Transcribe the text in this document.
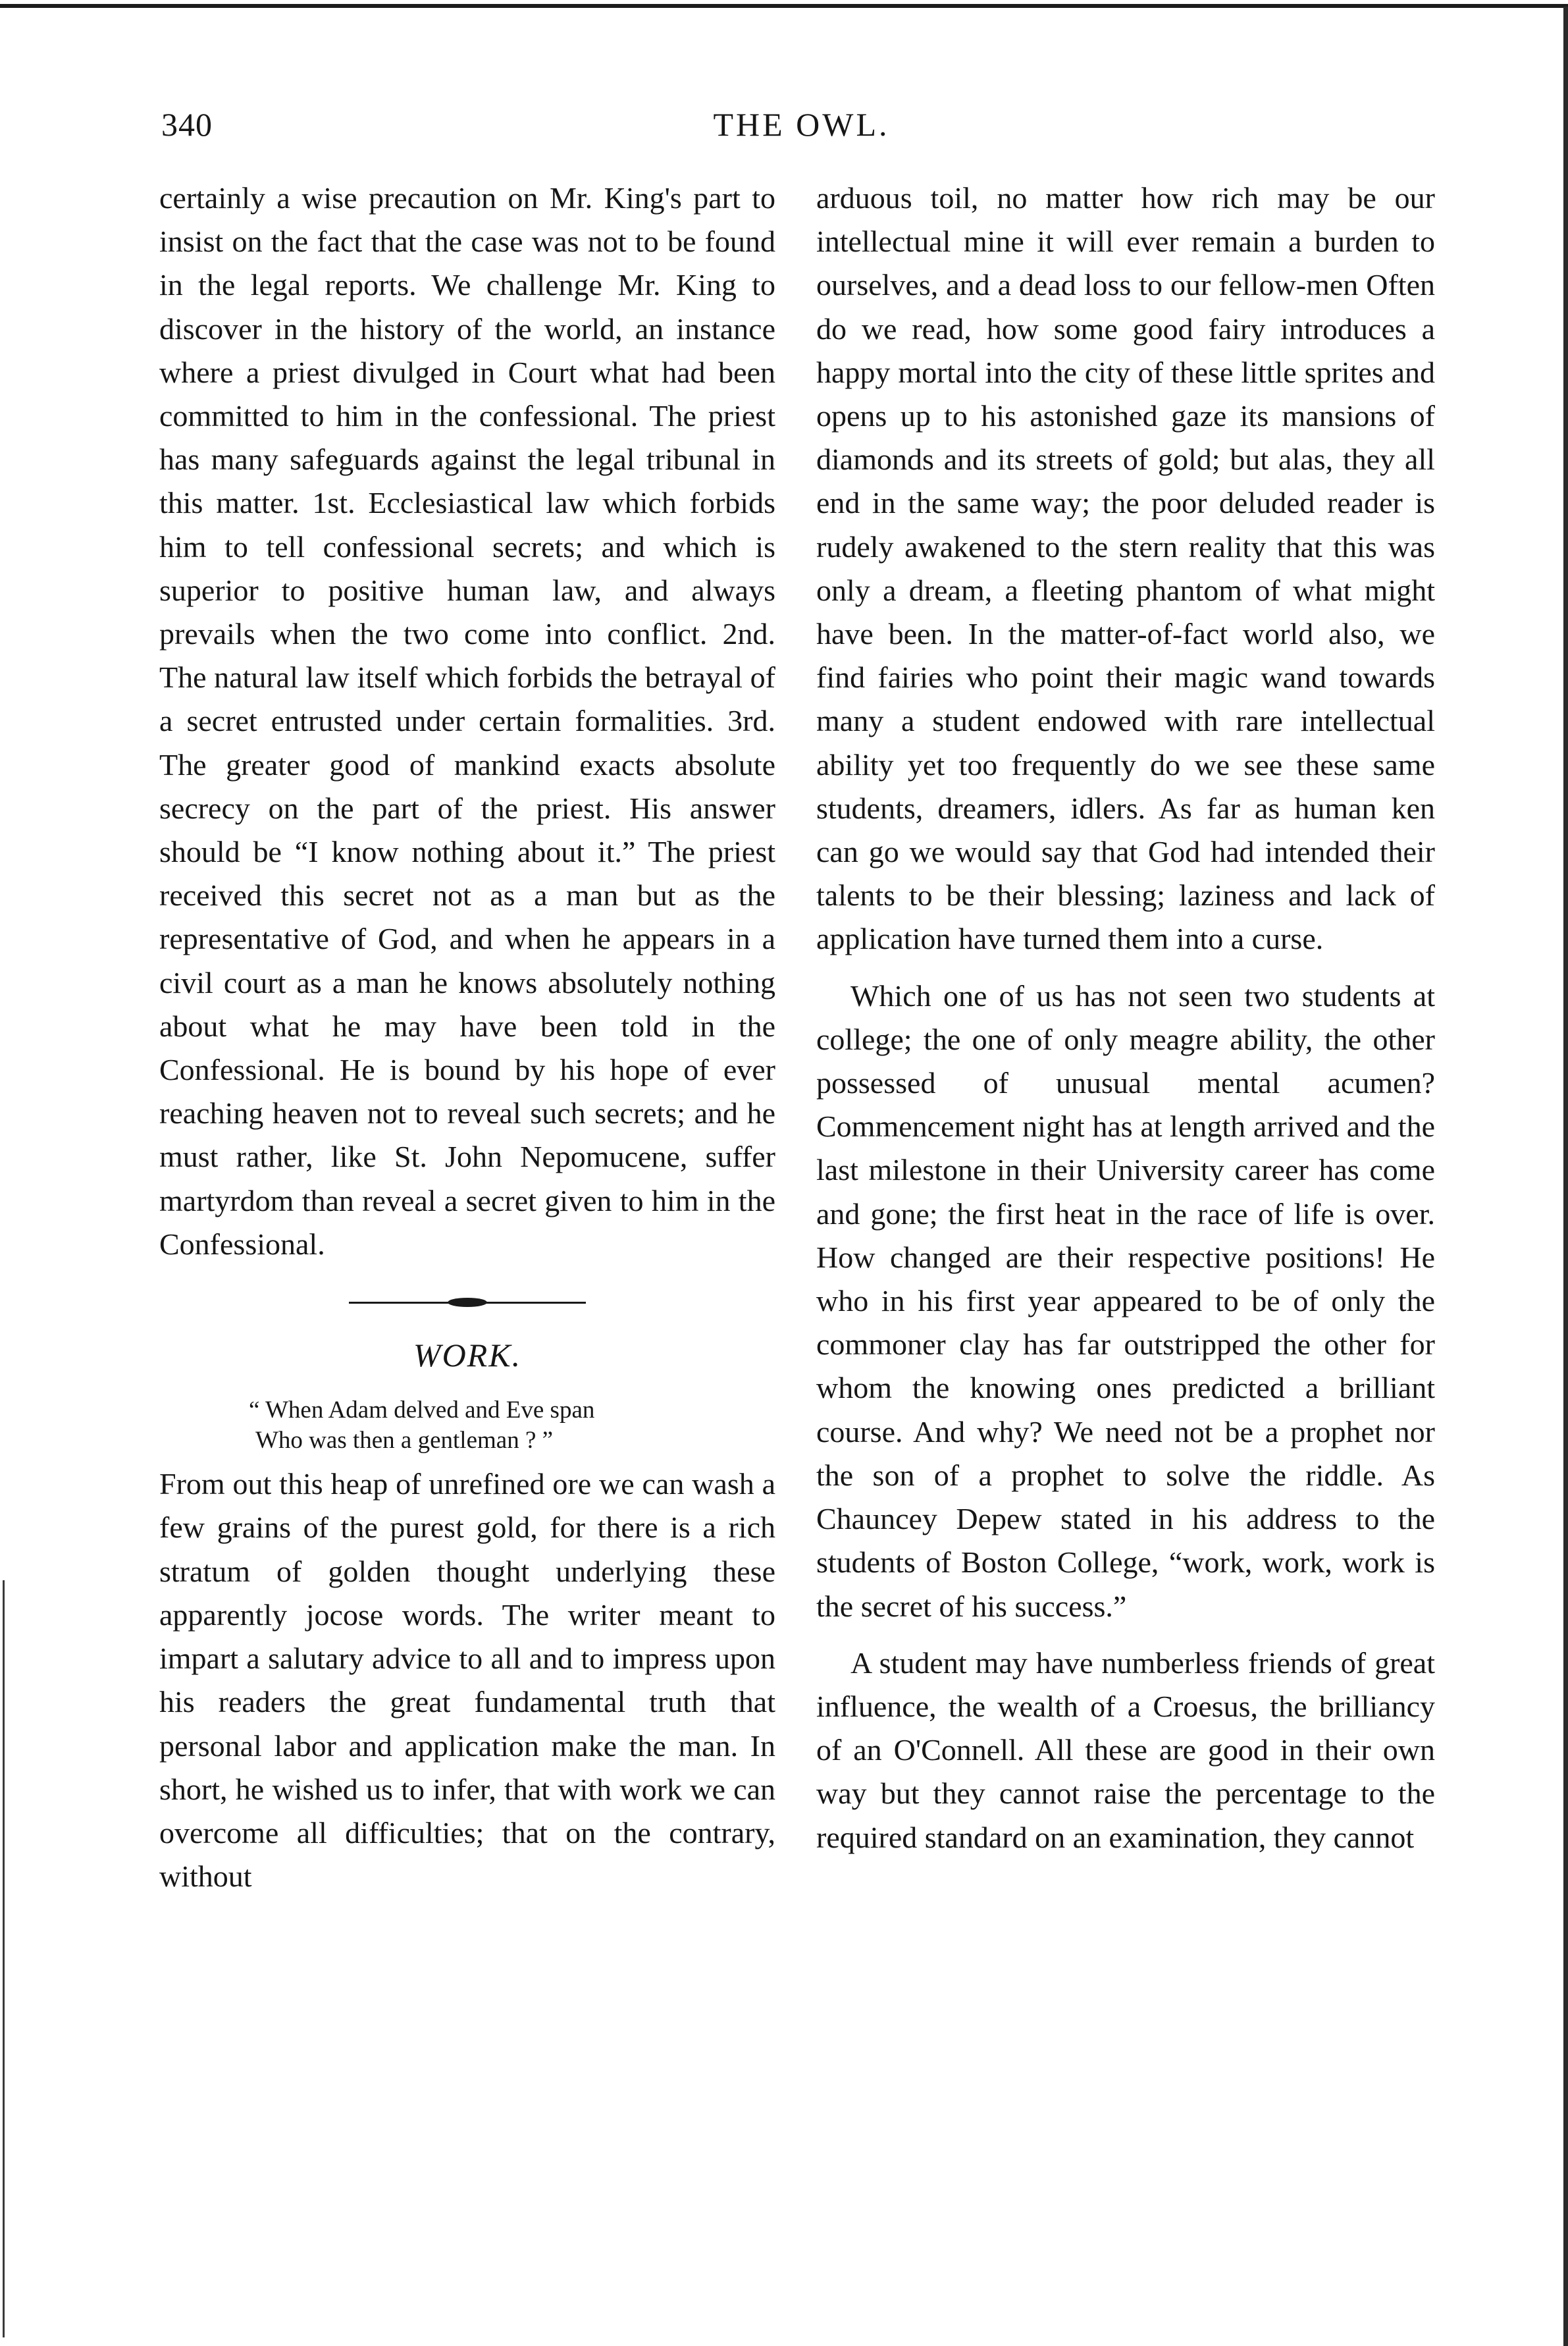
340	THE OWL.

certainly a wise precaution on Mr. King's part to insist on the fact that the case was not to be found in the legal reports. We challenge Mr. King to discover in the history of the world, an instance where a priest divulged in Court what had been committed to him in the confessional. The priest has many safeguards against the legal tribunal in this matter. 1st. Ecclesiastical law which forbids him to tell confessional secrets; and which is superior to positive human law, and always prevails when the two come into conflict. 2nd. The natural law itself which forbids the betrayal of a secret entrusted under certain formalities. 3rd. The greater good of mankind exacts absolute secrecy on the part of the priest. His answer should be “I know nothing about it.” The priest received this secret not as a man but as the representative of God, and when he appears in a civil court as a man he knows absolutely nothing about what he may have been told in the Confessional. He is bound by his hope of ever reaching heaven not to reveal such secrets; and he must rather, like St. John Nepomucene, suffer martyrdom than reveal a secret given to him in the Confessional.

WORK.
“ When Adam delved and Eve span
Who was then a gentleman ? ”

From out this heap of unrefined ore we can wash a few grains of the purest gold, for there is a rich stratum of golden thought underlying these apparently jocose words. The writer meant to impart a salutary advice to all and to impress upon his readers the great fundamental truth that personal labor and application make the man. In short, he wished us to infer, that with work we can overcome all difficulties; that on the contrary, without

arduous toil, no matter how rich may be our intellectual mine it will ever remain a burden to ourselves, and a dead loss to our fellow-men Often do we read, how some good fairy introduces a happy mortal into the city of these little sprites and opens up to his astonished gaze its mansions of diamonds and its streets of gold; but alas, they all end in the same way; the poor deluded reader is rudely awakened to the stern reality that this was only a dream, a fleeting phantom of what might have been. In the matter-of-fact world also, we find fairies who point their magic wand towards many a student endowed with rare intellectual ability yet too frequently do we see these same students, dreamers, idlers. As far as human ken can go we would say that God had intended their talents to be their blessing; laziness and lack of application have turned them into a curse.

Which one of us has not seen two students at college; the one of only meagre ability, the other possessed of unusual mental acumen? Commencement night has at length arrived and the last milestone in their University career has come and gone; the first heat in the race of life is over. How changed are their respective positions! He who in his first year appeared to be of only the commoner clay has far outstripped the other for whom the knowing ones predicted a brilliant course. And why? We need not be a prophet nor the son of a prophet to solve the riddle. As Chauncey Depew stated in his address to the students of Boston College, “work, work, work is the secret of his success.”

A student may have numberless friends of great influence, the wealth of a Croesus, the brilliancy of an O'Connell. All these are good in their own way but they cannot raise the percentage to the required standard on an examination, they cannot
